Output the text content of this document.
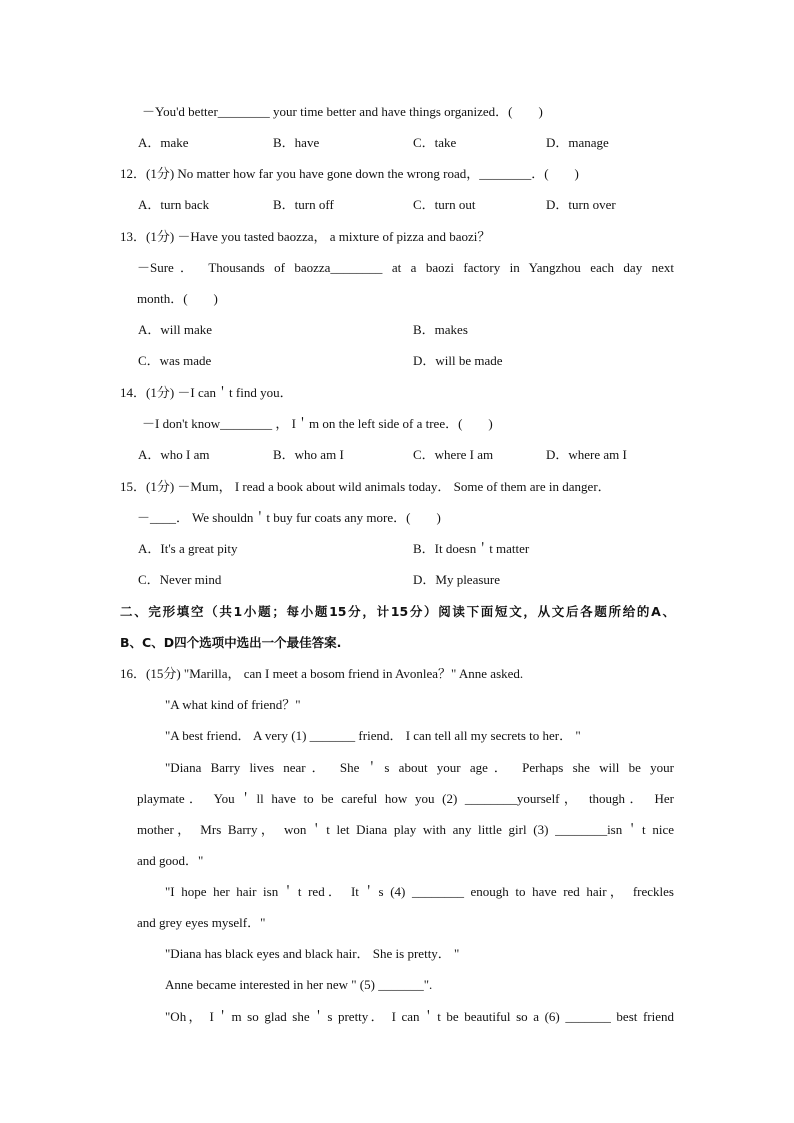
－You'd better________ your time better and have things organized．(　　)
A．make	B．have	C．take	D．manage
12．(1分) No matter how far you have gone down the wrong road，________．(　　)
A．turn back	B．turn off	C．turn out	D．turn over
13．(1分) －Have you tasted baozza， a mixture of pizza and baozi？
－Sure． Thousands of baozza________ at a baozi factory in Yangzhou each day next
month．(　　)
A．will make	B．makes
C．was made	D．will be made
14．(1分) －I can＇t find you．
－I don't know________ ， I＇m on the left side of a tree．(　　)
A．who I am	B．who am I	C．where I am	D．where am I
15．(1分) －Mum， I read a book about wild animals today． Some of them are in danger．
－____． We shouldn＇t buy fur coats any more．(　　)
A．It's a great pity	B．It doesn＇t matter
C．Never mind	D．My pleasure
二、完形填空（共1小题；每小题15分，计15分）阅读下面短文，从文后各题所给的A、
B、C、D四个选项中选出一个最佳答案.
16．(15分) "Marilla， can I meet a bosom friend in Avonlea？" Anne asked.
"A what kind of friend？"
"A best friend． A very (1) _______ friend． I can tell all my secrets to her． "
"Diana Barry lives near． She＇s about your age． Perhaps she will be your
playmate． You＇ll have to be careful how you (2) ________yourself， though． Her
mother， Mrs Barry， won＇t let Diana play with any little girl (3) ________isn＇t nice
and good．"
"I hope her hair isn＇t red． It＇s (4) ________ enough to have red hair， freckles
and grey eyes myself．"
"Diana has black eyes and black hair． She is pretty． "
Anne became interested in her new " (5) _______".
"Oh， I＇m so glad she＇s pretty． I can＇t be beautiful so a (6) _______ best friend
